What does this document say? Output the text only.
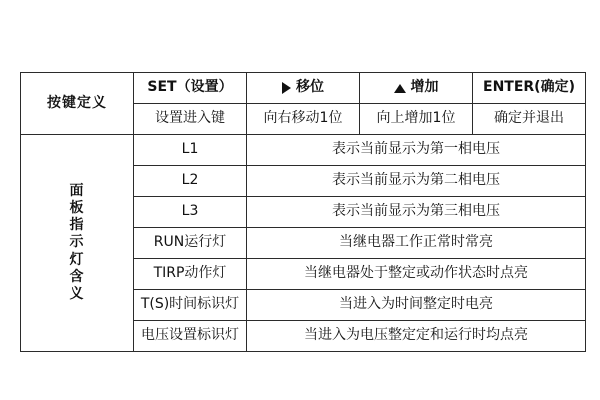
按键定义	SET（设置）	移位	增加	ENTER(确定)
	设置进入键	向右移动1位	向上增加1位	确定并退出

面板指示灯含义	L1	表示当前显示为第一相电压		
	L2	表示当前显示为第二相电压		
	L3	表示当前显示为第三相电压		
	RUN运行灯	当继电器工作正常时常亮		
	TIRP动作灯	当继电器处于整定或动作状态时点亮		
	T(S)时间标识灯	当进入为时间整定时电亮		
	电压设置标识灯	当进入为电压整定定和运行时均点亮		
